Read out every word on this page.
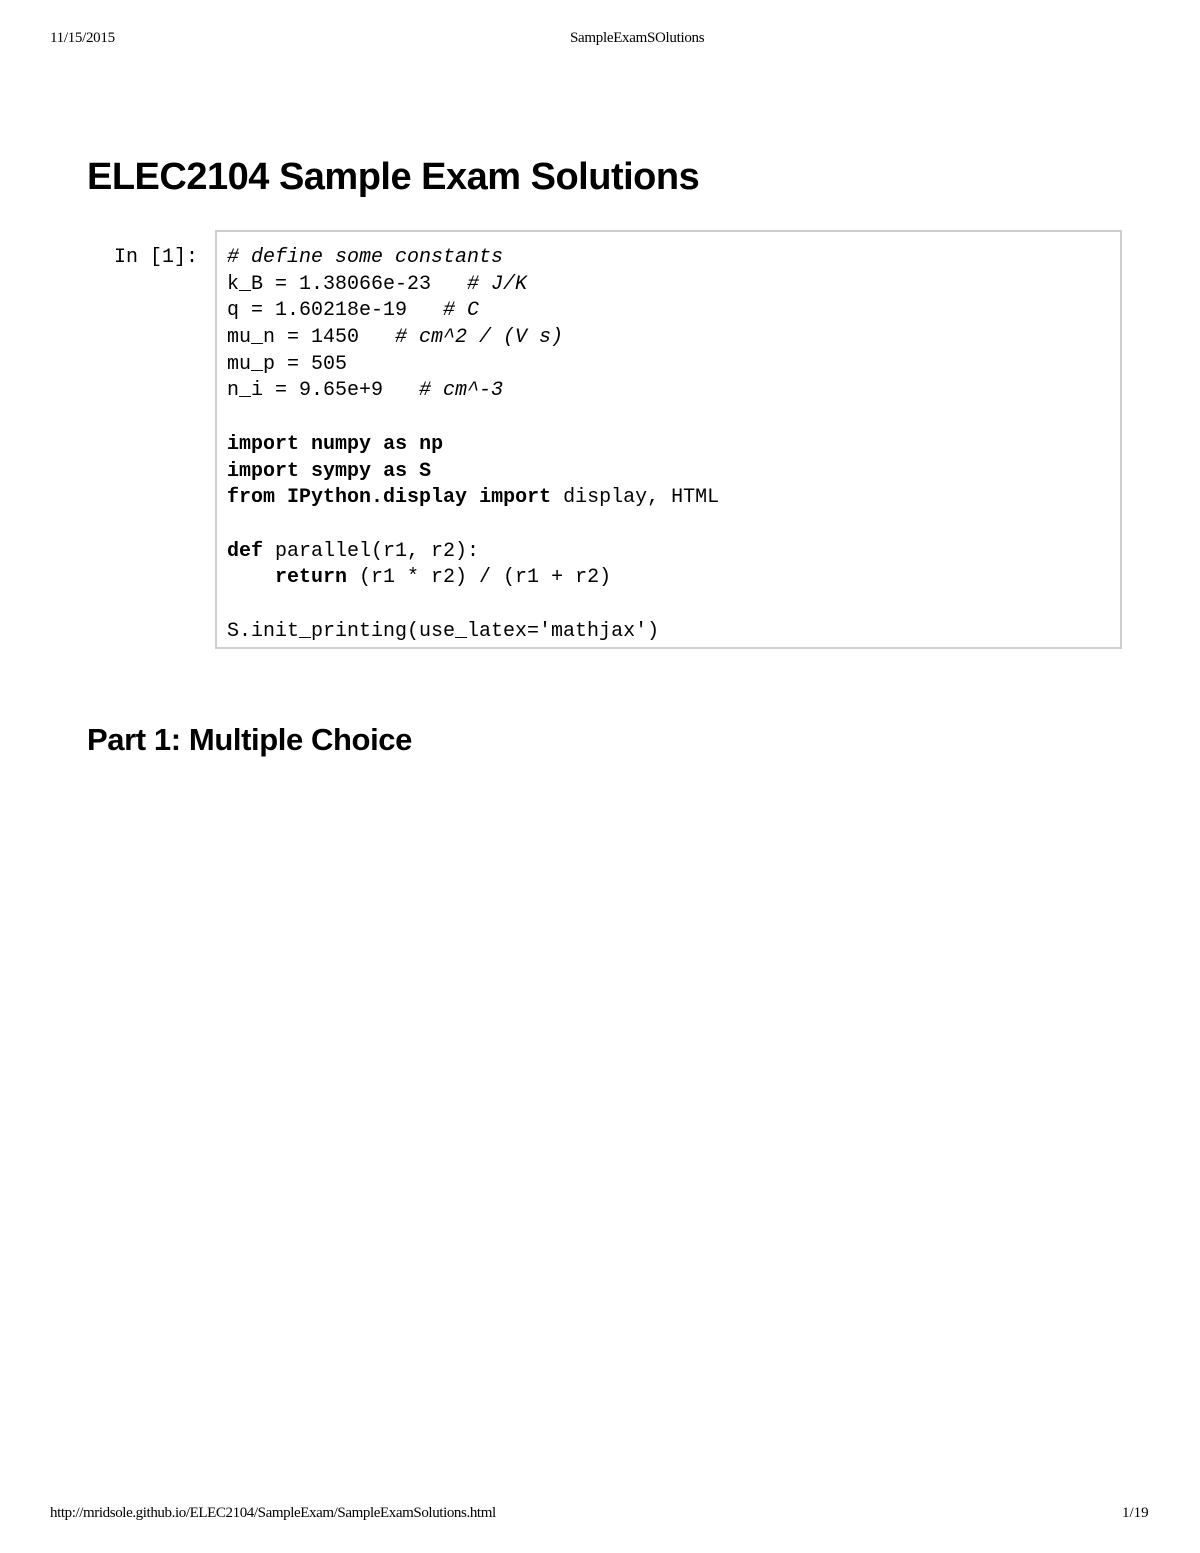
11/15/2015	SampleExamSOlutions
ELEC2104 Sample Exam Solutions
In [1]: # define some constants
k_B = 1.38066e-23   # J/K
q = 1.60218e-19   # C
mu_n = 1450   # cm^2 / (V s)
mu_p = 505
n_i = 9.65e+9   # cm^-3
import numpy as np
import sympy as S
from IPython.display import display, HTML
def parallel(r1, r2):
return (r1 * r2) / (r1 + r2)
S.init_printing(use_latex='mathjax')
Part 1: Multiple Choice
http://mridsole.github.io/ELEC2104/SampleExam/SampleExamSolutions.html	1/19
